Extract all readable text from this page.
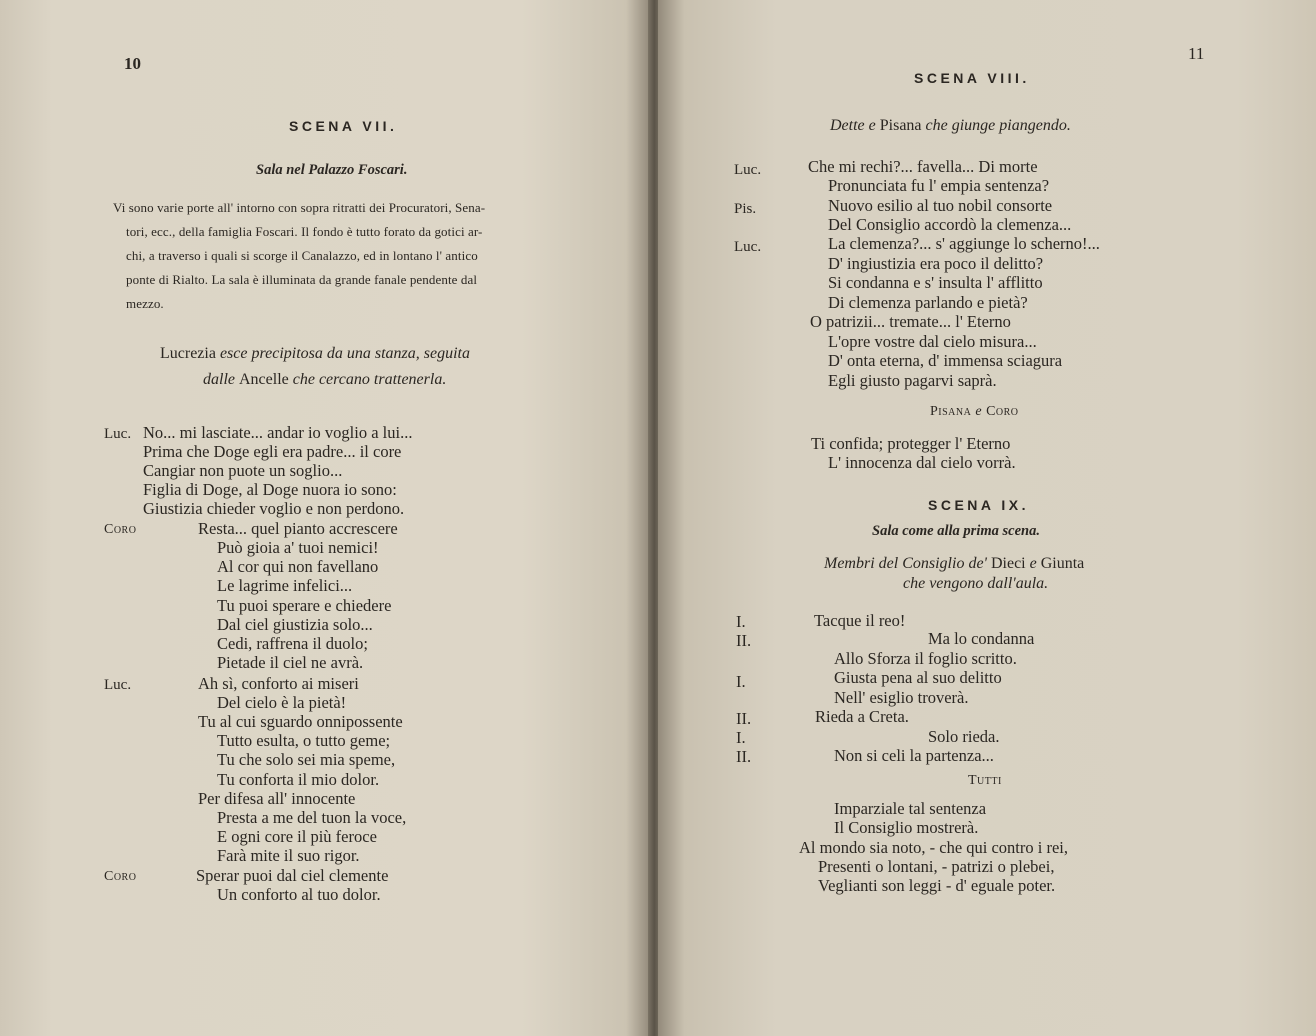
10
SCENA VII.
Sala nel Palazzo Foscari.
Vi sono varie porte all' intorno con sopra ritratti dei Procuratori, Sena-
tori, ecc., della famiglia Foscari. Il fondo è tutto forato da gotici ar-
chi, a traverso i quali si scorge il Canalazzo, ed in lontano l' antico
ponte di Rialto. La sala è illuminata da grande fanale pendente dal
mezzo.
Lucrezia esce precipitosa da una stanza, seguita
dalle Ancelle che cercano trattenerla.
Luc. No... mi lasciate... andar io voglio a lui...
Prima che Doge egli era padre... il core
Cangiar non puote un soglio...
Figlia di Doge, al Doge nuora io sono:
Giustizia chieder voglio e non perdono.
Coro	Resta... quel pianto accrescere
Può gioia a' tuoi nemici!
Al cor qui non favellano
Le lagrime infelici...
Tu puoi sperare e chiedere
Dal ciel giustizia solo...
Cedi, raffrena il duolo;
Pietade il ciel ne avrà.
Luc.	Ah sì, conforto ai miseri
Del cielo è la pietà!
Tu al cui sguardo onnipossente
Tutto esulta, o tutto geme;
Tu che solo sei mia speme,
Tu conforta il mio dolor.
Per difesa all' innocente
Presta a me del tuon la voce,
E ogni core il più feroce
Farà mite il suo rigor.
Coro	Sperar puoi dal ciel clemente
Un conforto al tuo dolor.
11
SCENA VIII.
Dette e Pisana che giunge piangendo.
Luc.	Che mi rechi?... favella... Di morte
Pronunciata fu l' empia sentenza?
Pis.	Nuovo esilio al tuo nobil consorte
Del Consiglio accordò la clemenza...
Luc.	La clemenza?... s' aggiunge lo scherno!...
D' ingiustizia era poco il delitto?
Si condanna e s' insulta l' afflitto
Di clemenza parlando e pietà?
O patrizii... tremate... l' Eterno
L'opre vostre dal cielo misura...
D' onta eterna, d' immensa sciagura
Egli giusto pagarvi saprà.
Pisana e Coro
Ti confida; protegger l' Eterno
L' innocenza dal cielo vorrà.
SCENA IX.
Sala come alla prima scena.
Membri del Consiglio de' Dieci e Giunta
che vengono dall'aula.
I.	Tacque il reo!
II.	Ma lo condanna
Allo Sforza il foglio scritto.
I.	Giusta pena al suo delitto
Nell' esiglio troverà.
II.	Rieda a Creta.
I.	Solo rieda.
II.	Non si celi la partenza...
Tutti
Imparziale tal sentenza
Il Consiglio mostrerà.
Al mondo sia noto, - che qui contro i rei,
Presenti o lontani, - patrizi o plebei,
Veglianti son leggi - d' eguale poter.
